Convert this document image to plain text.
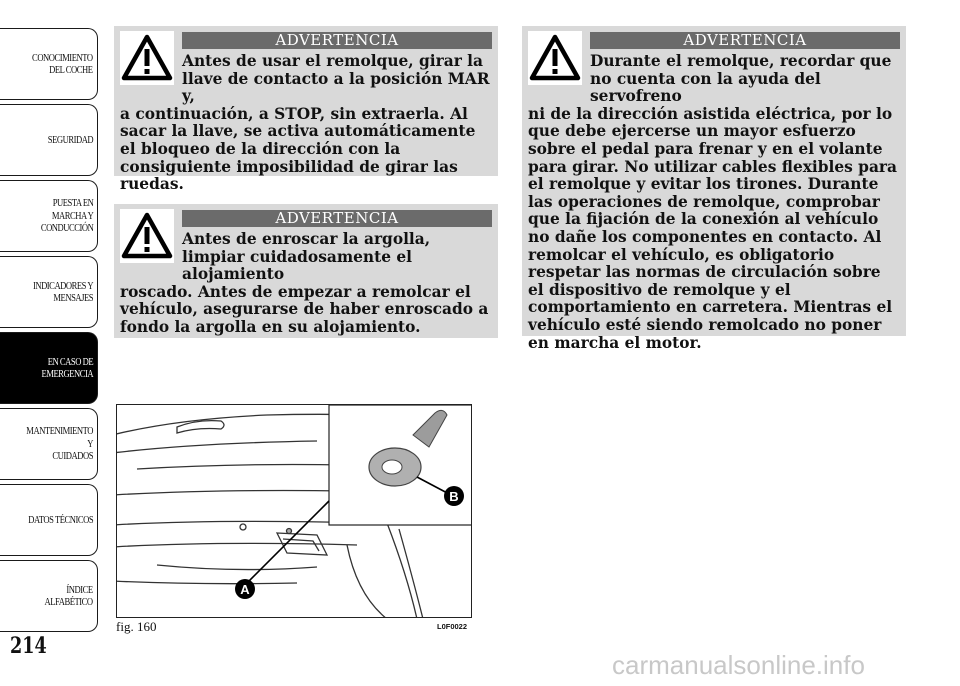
CONOCIMIENTO
DEL COCHE
SEGURIDAD
PUESTA EN
MARCHA Y
CONDUCCIÓN
INDICADORES Y
MENSAJES
EN CASO DE
EMERGENCIA
MANTENIMIENTO Y
CUIDADOS
DATOS TÉCNICOS
ÍNDICE
ALFABÉTICO
214
ADVERTENCIA
Antes de usar el remolque, girar la llave de contacto a la posición MAR y,
a continuación, a STOP, sin extraerla. Al sacar la llave, se activa automáticamente el bloqueo de la dirección con la consiguiente imposibilidad de girar las ruedas.
ADVERTENCIA
Antes de enroscar la argolla, limpiar cuidadosamente el alojamiento
roscado. Antes de empezar a remolcar el vehículo, asegurarse de haber enroscado a fondo la argolla en su alojamiento.
ADVERTENCIA
Durante el remolque, recordar que no cuenta con la ayuda del servofreno
ni de la dirección asistida eléctrica, por lo que debe ejercerse un mayor esfuerzo sobre el pedal para frenar y en el volante para girar. No utilizar cables flexibles para el remolque y evitar los tirones. Durante las operaciones de remolque, comprobar que la fijación de la conexión al vehículo no dañe los componentes en contacto. Al remolcar el vehículo, es obligatorio respetar las normas de circulación sobre el dispositivo de remolque y el comportamiento en carretera. Mientras el vehículo esté siendo remolcado no poner en marcha el motor.
B
A
fig. 160	L0F0022
carmanualsonline.info
